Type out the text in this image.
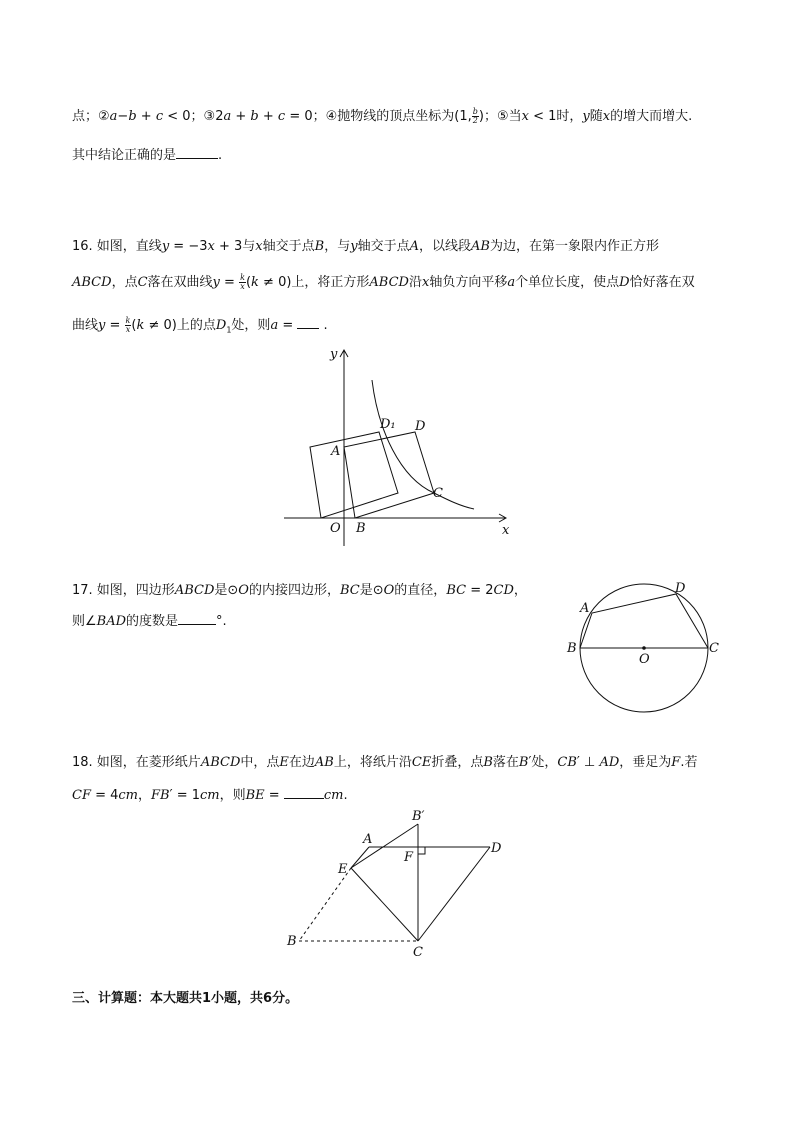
点；②a−b + c < 0；③2a + b + c = 0；④抛物线的顶点坐标为(1, $\frac{b}{2}$ )；⑤当x < 1时，y随x的增大而增大.
其中结论正确的是	.
16. 如图，直线y = −3x + 3与x轴交于点B，与y轴交于点A，以线段AB为边，在第一象限内作正方形
ABCD，点C落在双曲线$y = \frac{k}{x} (k \ne 0)$上，将正方形ABCD沿x轴负方向平移a个单位长度，使点D恰好落在双
曲线$y = \frac{k}{x} (k \ne 0)$上的点$D_1$处，则a =  .
y
x
O B
A
C
D
D₁
17. 如图，四边形ABCD是⊙O的内接四边形，BC是⊙O的直径，BC = 2CD，
则∠BAD的度数是	°.
A
B	C
D
O
18. 如图，在菱形纸片ABCD中，点E在边AB上，将纸片沿CE折叠，点B落在B′处，CB′ ⊥ AD，垂足为F.若
CF = 4cm，FB′ = 1cm，则BE =	cm.
A
B′
D
E
F
B
C
三、计算题：本大题共1小题，共6分。
